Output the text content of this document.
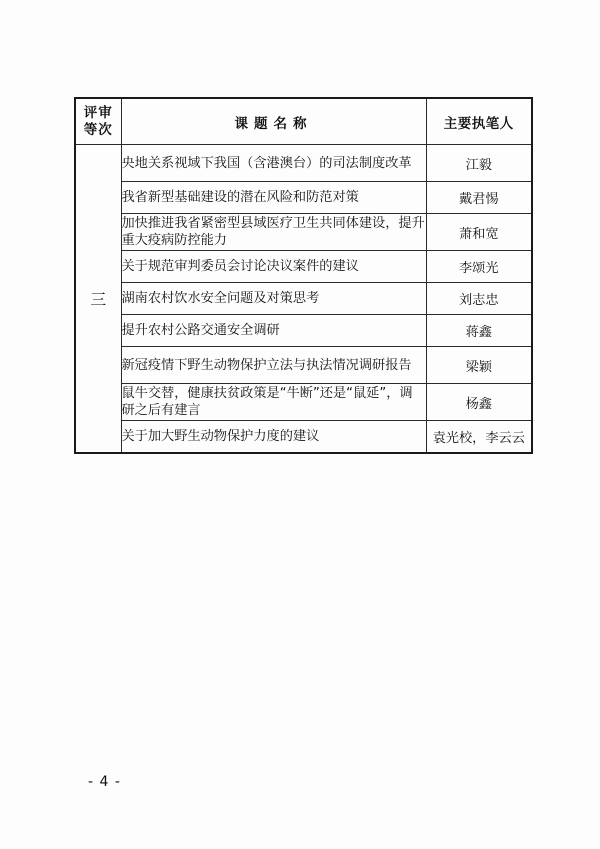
评审
等次	课题名称	主要执笔人
三	央地关系视域下我国（含港澳台）的司法制度改革	江毅
	我省新型基础建设的潜在风险和防范对策	戴君惕
	加快推进我省紧密型县域医疗卫生共同体建设，提升重大疫病防控能力	萧和宽
	关于规范审判委员会讨论决议案件的建议	李颂光
	湖南农村饮水安全问题及对策思考	刘志忠
	提升农村公路交通安全调研	蒋鑫
	新冠疫情下野生动物保护立法与执法情况调研报告	梁颖
	鼠牛交替，健康扶贫政策是“牛断”还是“鼠延”，调研之后有建言	杨鑫
	关于加大野生动物保护力度的建议	袁光校，李云云
- 4 -
